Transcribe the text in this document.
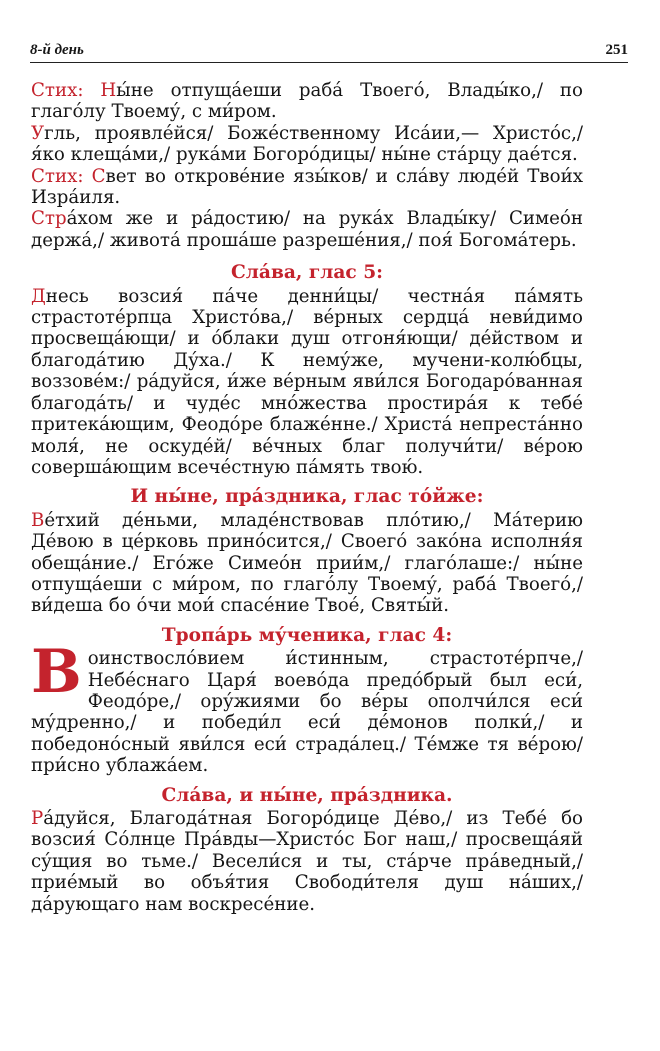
8-й день	251

Стих: Ны́не отпуща́еши раба́ Твоего́, Влады́ко,/ по глаго́лу Твоему́, с ми́ром.

Угль, проявле́йся/ Боже́ственному Иса́ии,— Христо́с,/ я́ко клеща́ми,/ рука́ми Богоро́дицы/ ны́не ста́рцу дае́тся.

Стих: Свет во открове́ние язы́ков/ и сла́ву люде́й Твои́х Изра́иля.

Стра́хом же и ра́достию/ на рука́х Влады́ку/ Симео́н держа́,/ живота́ проша́ше разреше́ния,/ поя́ Богома́терь.

Сла́ва, глас 5:

Днесь возсия́ па́че денни́цы/ честна́я па́мять страстоте́рпца Христо́ва,/ ве́рных сердца́ неви́димо просвеща́ющи/ и о́блаки душ отгоня́ющи/ де́йством и благода́тию Ду́ха./ К нему́же, мучени-колю́бцы, воззове́м:/ ра́дуйся, и́же ве́рным яви́лся Богодаро́ванная благода́ть/ и чуде́с мно́жества простира́я к тебе́ притека́ющим, Феодо́ре блаже́нне./ Христа́ непреста́нно моля́, не оскуде́й/ ве́чных благ получи́ти/ ве́рою соверша́ющим всече́стную па́мять твою́.

И ны́не, пра́здника, глас то́йже:

Ве́тхий де́ньми, младе́нствовав пло́тию,/ Ма́терию Де́вою в це́рковь прино́сится,/ Своего́ зако́на исполня́я обеща́ние./ Его́же Симео́н прии́м,/ глаго́лаше:/ ны́не отпуща́еши с ми́ром, по глаго́лу Твоему́, раба́ Твоего́,/ ви́деша бо о́чи мои́ спасе́ние Твое́, Святы́й.

Тропа́рь му́ченика, глас 4:

Воинствосло́вием и́стинным, страстоте́рпче,/ Небе́снаго Царя́ воево́да предо́брый был еси́, Феодо́ре,/ ору́жиями бо ве́ры ополчи́лся еси́ му́дренно,/ и победи́л еси́ де́монов полки́,/ и победоно́сный яви́лся еси́ страда́лец./ Те́мже тя ве́рою/ при́сно ублажа́ем.

Сла́ва, и ны́не, пра́здника.

Ра́дуйся, Благода́тная Богоро́дице Де́во,/ из Тебе́ бо возсия́ Со́лнце Пра́вды—Христо́с Бог наш,/ просвеща́яй су́щия во тьме./ Весели́ся и ты, ста́рче пра́ведный,/ прие́мый во объя́тия Свободи́теля душ на́ших,/ да́рующаго нам воскресе́ние.
